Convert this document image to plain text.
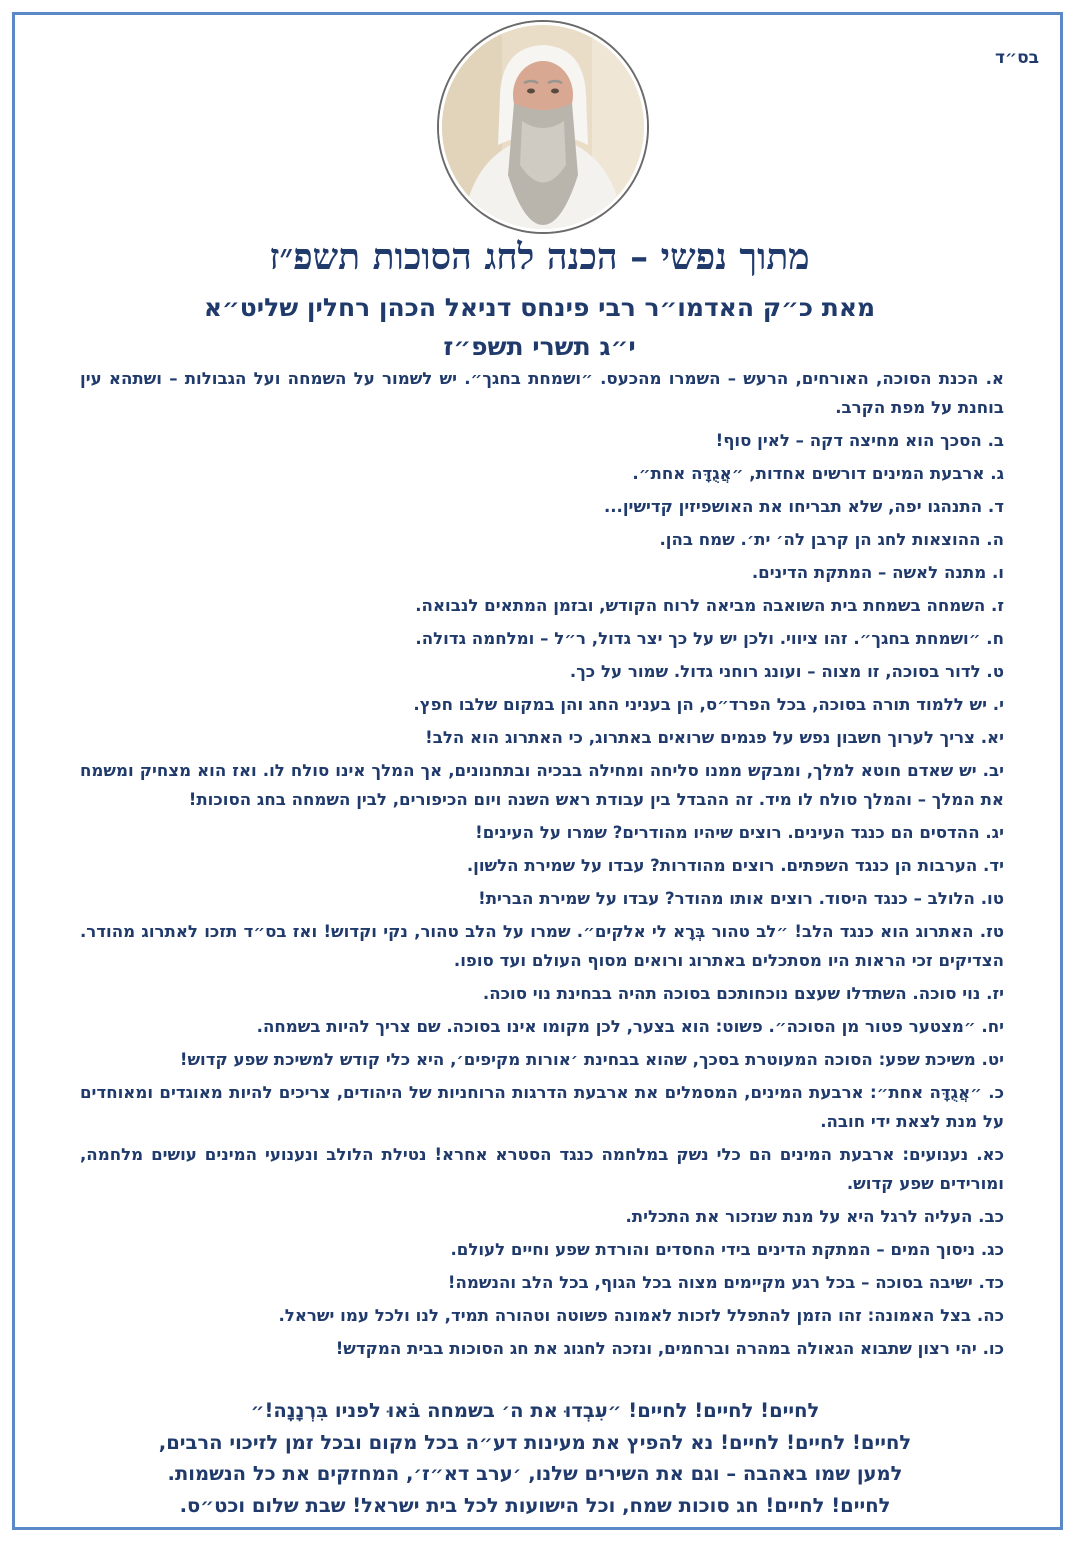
בס״ד
מתוך נפשי – הכנה לחג הסוכות תשפ״ז
מאת כ״ק האדמו״ר רבי פינחס דניאל הכהן רחלין שליט״א
י״ג תשרי תשפ״ז

א. הכנת הסוכה, האורחים, הרעש – השמרו מהכעס. ״ושמחת בחגך״. יש לשמור על השמחה ועל הגבולות – ושתהא עין בוחנת על מפת הקרב.

ב. הסכך הוא מחיצה דקה – לאין סוף!

ג. ארבעת המינים דורשים אחדות, ״אֲגֻדָּה אחת״.

ד. התנהגו יפה, שלא תבריחו את האושפיזין קדישין...

ה. ההוצאות לחג הן קרבן לה׳ ית׳. שמח בהן.

ו. מתנה לאשה – המתקת הדינים.

ז. השמחה בשמחת בית השואבה מביאה לרוח הקודש, ובזמן המתאים לנבואה.

ח. ״ושמחת בחגך״. זהו ציווי. ולכן יש על כך יצר גדול, ר״ל – ומלחמה גדולה.

ט. לדור בסוכה, זו מצוה – ועונג רוחני גדול. שמור על כך.

י. יש ללמוד תורה בסוכה, בכל הפרד״ס, הן בעניני החג והן במקום שלבו חפץ.

יא. צריך לערוך חשבון נפש על פגמים שרואים באתרוג, כי האתרוג הוא הלב!

יב. יש שאדם חוטא למלך, ומבקש ממנו סליחה ומחילה בבכיה ובתחנונים, אך המלך אינו סולח לו. ואז הוא מצחיק ומשמח את המלך – והמלך סולח לו מיד. זה ההבדל בין עבודת ראש השנה ויום הכיפורים, לבין השמחה בחג הסוכות!

יג. ההדסים הם כנגד העינים. רוצים שיהיו מהודרים? שמרו על העינים!

יד. הערבות הן כנגד השפתים. רוצים מהודרות? עבדו על שמירת הלשון.

טו. הלולב – כנגד היסוד. רוצים אותו מהודר? עבדו על שמירת הברית!

טז. האתרוג הוא כנגד הלב! ״לב טהור בְּרָא לי אלקים״. שמרו על הלב טהור, נקי וקדוש! ואז בס״ד תזכו לאתרוג מהודר. הצדיקים זכי הראות היו מסתכלים באתרוג ורואים מסוף העולם ועד סופו.

יז. נוי סוכה. השתדלו שעצם נוכחותכם בסוכה תהיה בבחינת נוי סוכה.

יח. ״מצטער פטור מן הסוכה״. פשוט: הוא בצער, לכן מקומו אינו בסוכה. שם צריך להיות בשמחה.

יט. משיכת שפע: הסוכה המעוטרת בסכך, שהוא בבחינת ׳אורות מקיפים׳, היא כלי קודש למשיכת שפע קדוש!

כ. ״אֲגֻדָּה אחת״: ארבעת המינים, המסמלים את ארבעת הדרגות הרוחניות של היהודים, צריכים להיות מאוגדים ומאוחדים על מנת לצאת ידי חובה.

כא. נענועים: ארבעת המינים הם כלי נשק במלחמה כנגד הסטרא אחרא! נטילת הלולב ונענועי המינים עושים מלחמה, ומורידים שפע קדוש.

כב. העליה לרגל היא על מנת שנזכור את התכלית.

כג. ניסוך המים – המתקת הדינים בידי החסדים והורדת שפע וחיים לעולם.

כד. ישיבה בסוכה – בכל רגע מקיימים מצוה בכל הגוף, בכל הלב והנשמה!

כה. בצל האמונה: זהו הזמן להתפלל לזכות לאמונה פשוטה וטהורה תמיד, לנו ולכל עמו ישראל.

כו. יהי רצון שתבוא הגאולה במהרה וברחמים, ונזכה לחגוג את חג הסוכות בבית המקדש!

לחיים! לחיים! לחיים! ״עִבְדוּ את ה׳ בשמחה בֹּאוּ לפניו בִּרְנָנָה!״

לחיים! לחיים! לחיים! נא להפיץ את מעינות דע״ה בכל מקום ובכל זמן לזיכוי הרבים,

למען שמו באהבה – וגם את השירים שלנו, ׳ערב דא״ז׳, המחזקים את כל הנשמות.

לחיים! לחיים! חג סוכות שמח, וכל הישועות לכל בית ישראל! שבת שלום וכט״ס.
